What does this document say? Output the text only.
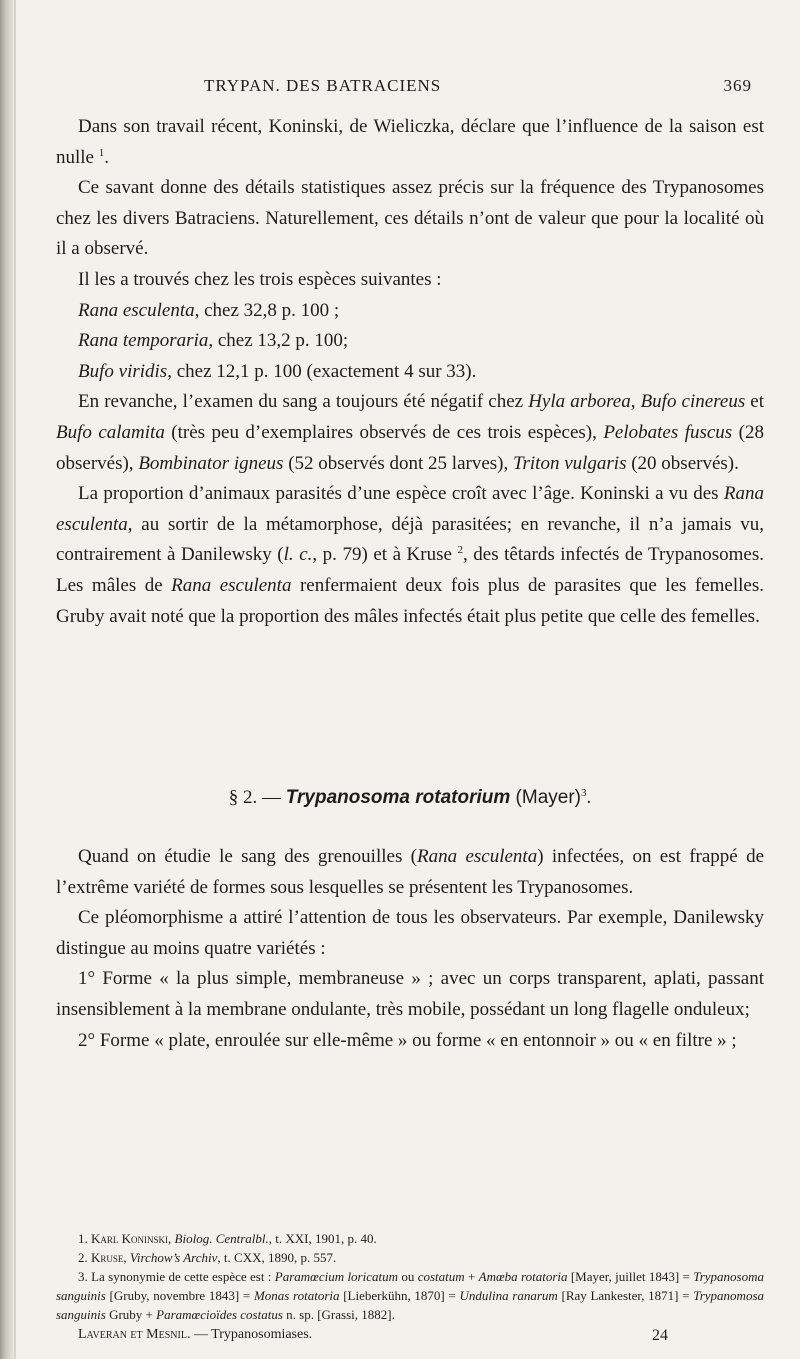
TRYPAN. DES BATRACIENS	369

Dans son travail récent, Koninski, de Wieliczka, déclare que l’influence de la saison est nulle $^1$.

Ce savant donne des détails statistiques assez précis sur la fréquence des Trypanosomes chez les divers Batraciens. Naturellement, ces détails n’ont de valeur que pour la localité où il a observé.

Il les a trouvés chez les trois espèces suivantes :

Rana esculenta, chez 32,8 p. 100 ;

Rana temporaria, chez 13,2 p. 100;

Bufo viridis, chez 12,1 p. 100 (exactement 4 sur 33).

En revanche, l’examen du sang a toujours été négatif chez Hyla arborea, Bufo cinereus et Bufo calamita (très peu d’exemplaires observés de ces trois espèces), Pelobates fuscus (28 observés), Bombinator igneus (52 observés dont 25 larves), Triton vulgaris (20 observés).

La proportion d’animaux parasités d’une espèce croît avec l’âge. Koninski a vu des Rana esculenta, au sortir de la métamorphose, déjà parasitées; en revanche, il n’a jamais vu, contrairement à Danilewsky (l. c., p. 79) et à Kruse $^2$, des têtards infectés de Trypanosomes. Les mâles de Rana esculenta renfermaient deux fois plus de parasites que les femelles. Gruby avait noté que la proportion des mâles infectés était plus petite que celle des femelles.

§ 2. — Trypanosoma rotatorium (Mayer)$^3$.

Quand on étudie le sang des grenouilles (Rana esculenta) infectées, on est frappé de l’extrême variété de formes sous lesquelles se présentent les Trypanosomes.

Ce pléomorphisme a attiré l’attention de tous les observateurs. Par exemple, Danilewsky distingue au moins quatre variétés :

1° Forme « la plus simple, membraneuse » ; avec un corps transparent, aplati, passant insensiblement à la membrane ondulante, très mobile, possédant un long flagelle onduleux;

2° Forme « plate, enroulée sur elle-même » ou forme « en entonnoir » ou « en filtre » ;

1. Karl Koninski, Biolog. Centralbl., t. XXI, 1901, p. 40.

2. Kruse, Virchow’s Archiv, t. CXX, 1890, p. 557.

3. La synonymie de cette espèce est : Paramœcium loricatum ou costatum + Amœba rotatoria [Mayer, juillet 1843] = Trypanosoma sanguinis [Gruby, novembre 1843] = Monas rotatoria [Lieberkühn, 1870] = Undulina ranarum [Ray Lankester, 1871] = Trypanomosa sanguinis Gruby + Paramœcioïdes costatus n. sp. [Grassi, 1882].

Laveran et Mesnil. — Trypanosomiases.	24
